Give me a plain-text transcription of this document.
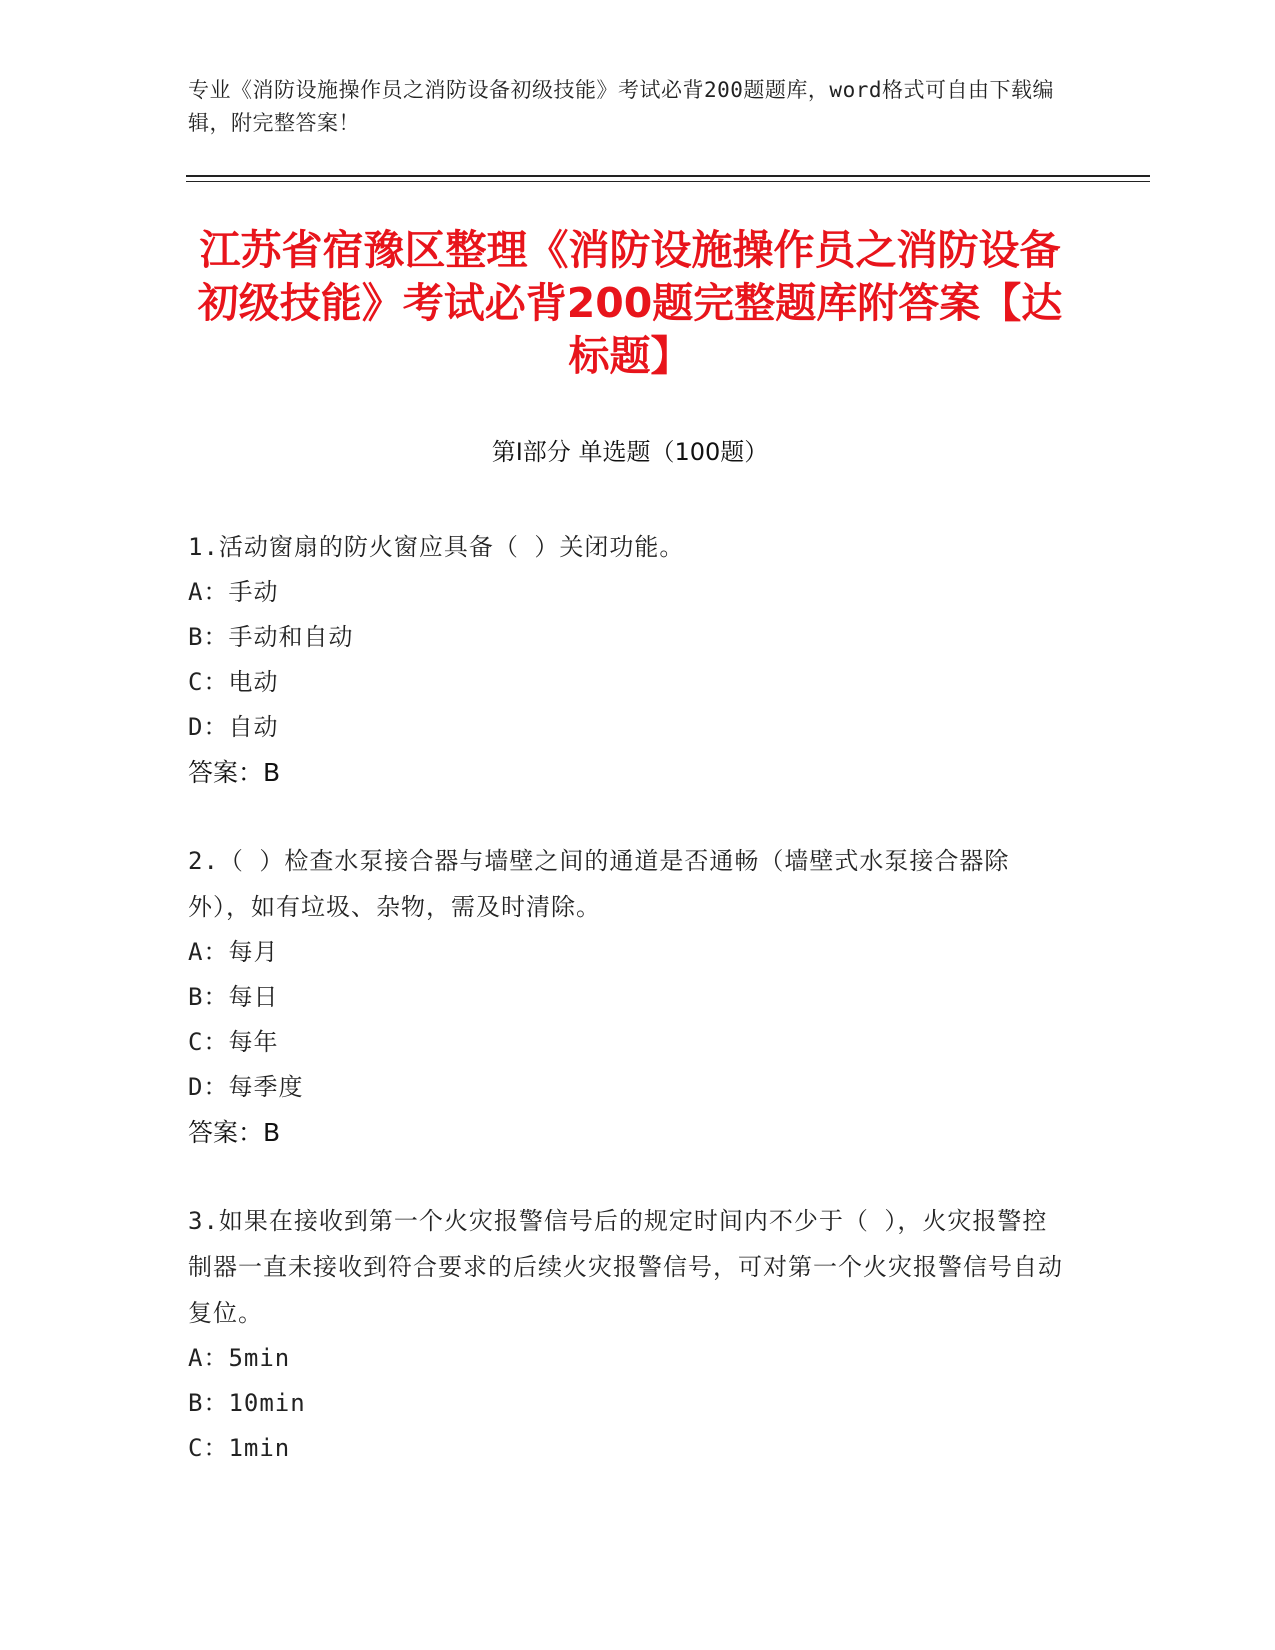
专业《消防设施操作员之消防设备初级技能》考试必背200题题库，word格式可自由下载编辑，附完整答案！
江苏省宿豫区整理《消防设施操作员之消防设备初级技能》考试必背200题完整题库附答案【达标题】
第I部分 单选题（100题）
1.活动窗扇的防火窗应具备（ ）关闭功能。
A：手动
B：手动和自动
C：电动
D：自动
答案：B
2.（ ）检查水泵接合器与墙壁之间的通道是否通畅（墙壁式水泵接合器除外），如有垃圾、杂物，需及时清除。
A：每月
B：每日
C：每年
D：每季度
答案：B
3.如果在接收到第一个火灾报警信号后的规定时间内不少于（ ），火灾报警控制器一直未接收到符合要求的后续火灾报警信号，可对第一个火灾报警信号自动复位。
A：5min
B：10min
C：1min
